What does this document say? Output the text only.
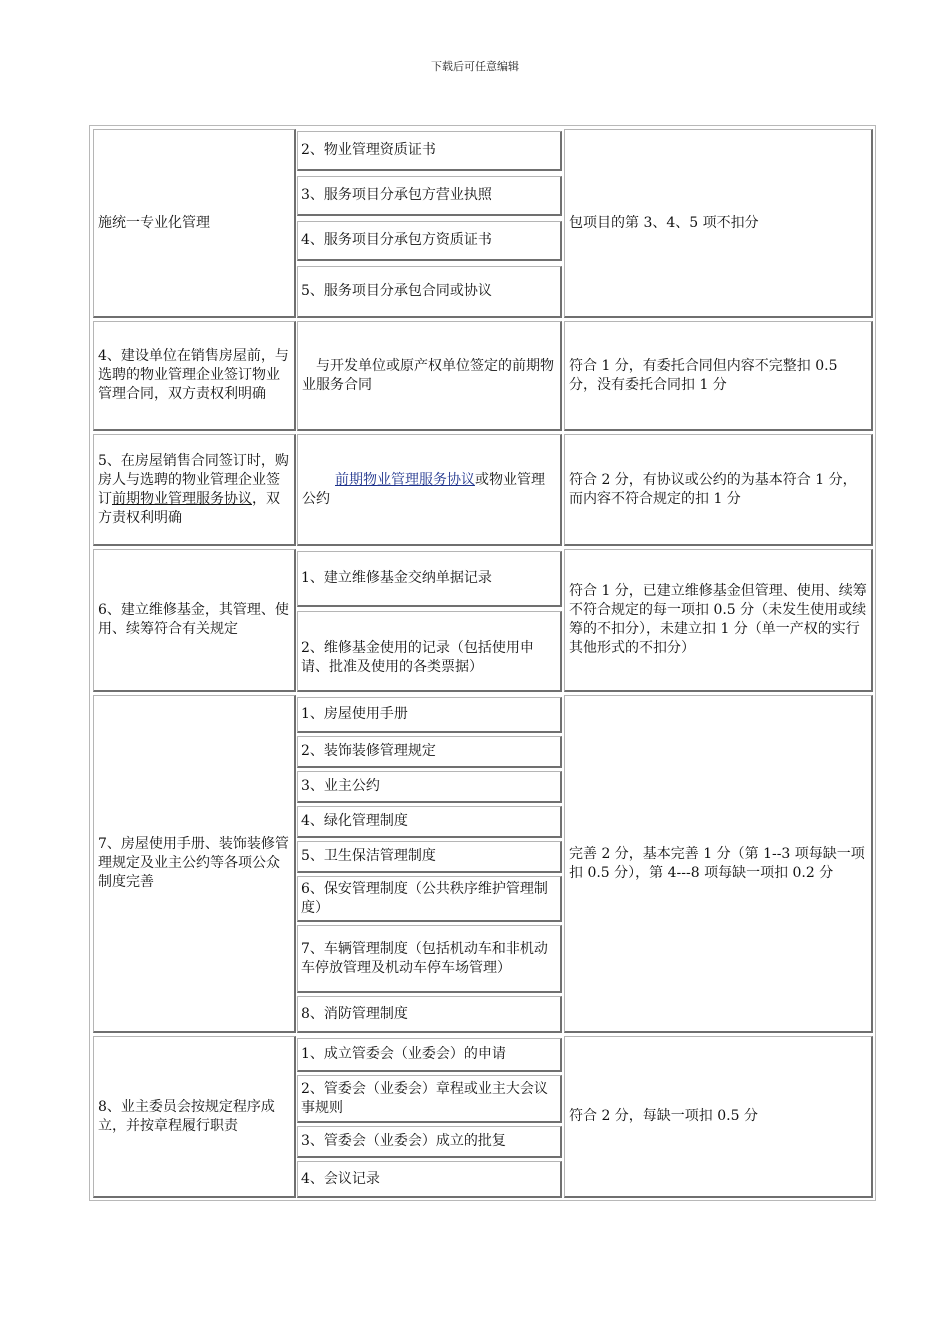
下载后可任意编辑
施统一专业化管理
2、物业管理资质证书
3、服务项目分承包方营业执照
4、服务项目分承包方资质证书
5、服务项目分承包合同或协议
包项目的第 3、4、5 项不扣分
4、建设单位在销售房屋前，与选聘的物业管理企业签订物业管理合同，双方责权利明确
与开发单位或原产权单位签定的前期物业服务合同
符合 1 分，有委托合同但内容不完整扣 0.5 分，没有委托合同扣 1 分
5、在房屋销售合同签订时，购房人与选聘的物业管理企业签订前期物业管理服务协议，双方责权利明确
前期物业管理服务协议或物业管理公约
符合 2 分，有协议或公约的为基本符合 1 分，而内容不符合规定的扣 1 分
6、建立维修基金，其管理、使用、续筹符合有关规定
1、建立维修基金交纳单据记录
2、维修基金使用的记录（包括使用申请、批准及使用的各类票据）
符合 1 分，已建立维修基金但管理、使用、续筹不符合规定的每一项扣 0.5 分（未发生使用或续筹的不扣分），未建立扣 1 分（单一产权的实行其他形式的不扣分）
7、房屋使用手册、装饰装修管理规定及业主公约等各项公众制度完善
1、房屋使用手册
2、装饰装修管理规定
3、业主公约
4、绿化管理制度
5、卫生保洁管理制度
6、保安管理制度（公共秩序维护管理制度）
7、车辆管理制度（包括机动车和非机动车停放管理及机动车停车场管理）
8、消防管理制度
完善 2 分，基本完善 1 分（第 1--3 项每缺一项扣 0.5 分），第 4---8 项每缺一项扣 0.2 分
8、业主委员会按规定程序成立，并按章程履行职责
1、成立管委会（业委会）的申请
2、管委会（业委会）章程或业主大会议事规则
3、管委会（业委会）成立的批复
4、会议记录
符合 2 分，每缺一项扣 0.5 分
